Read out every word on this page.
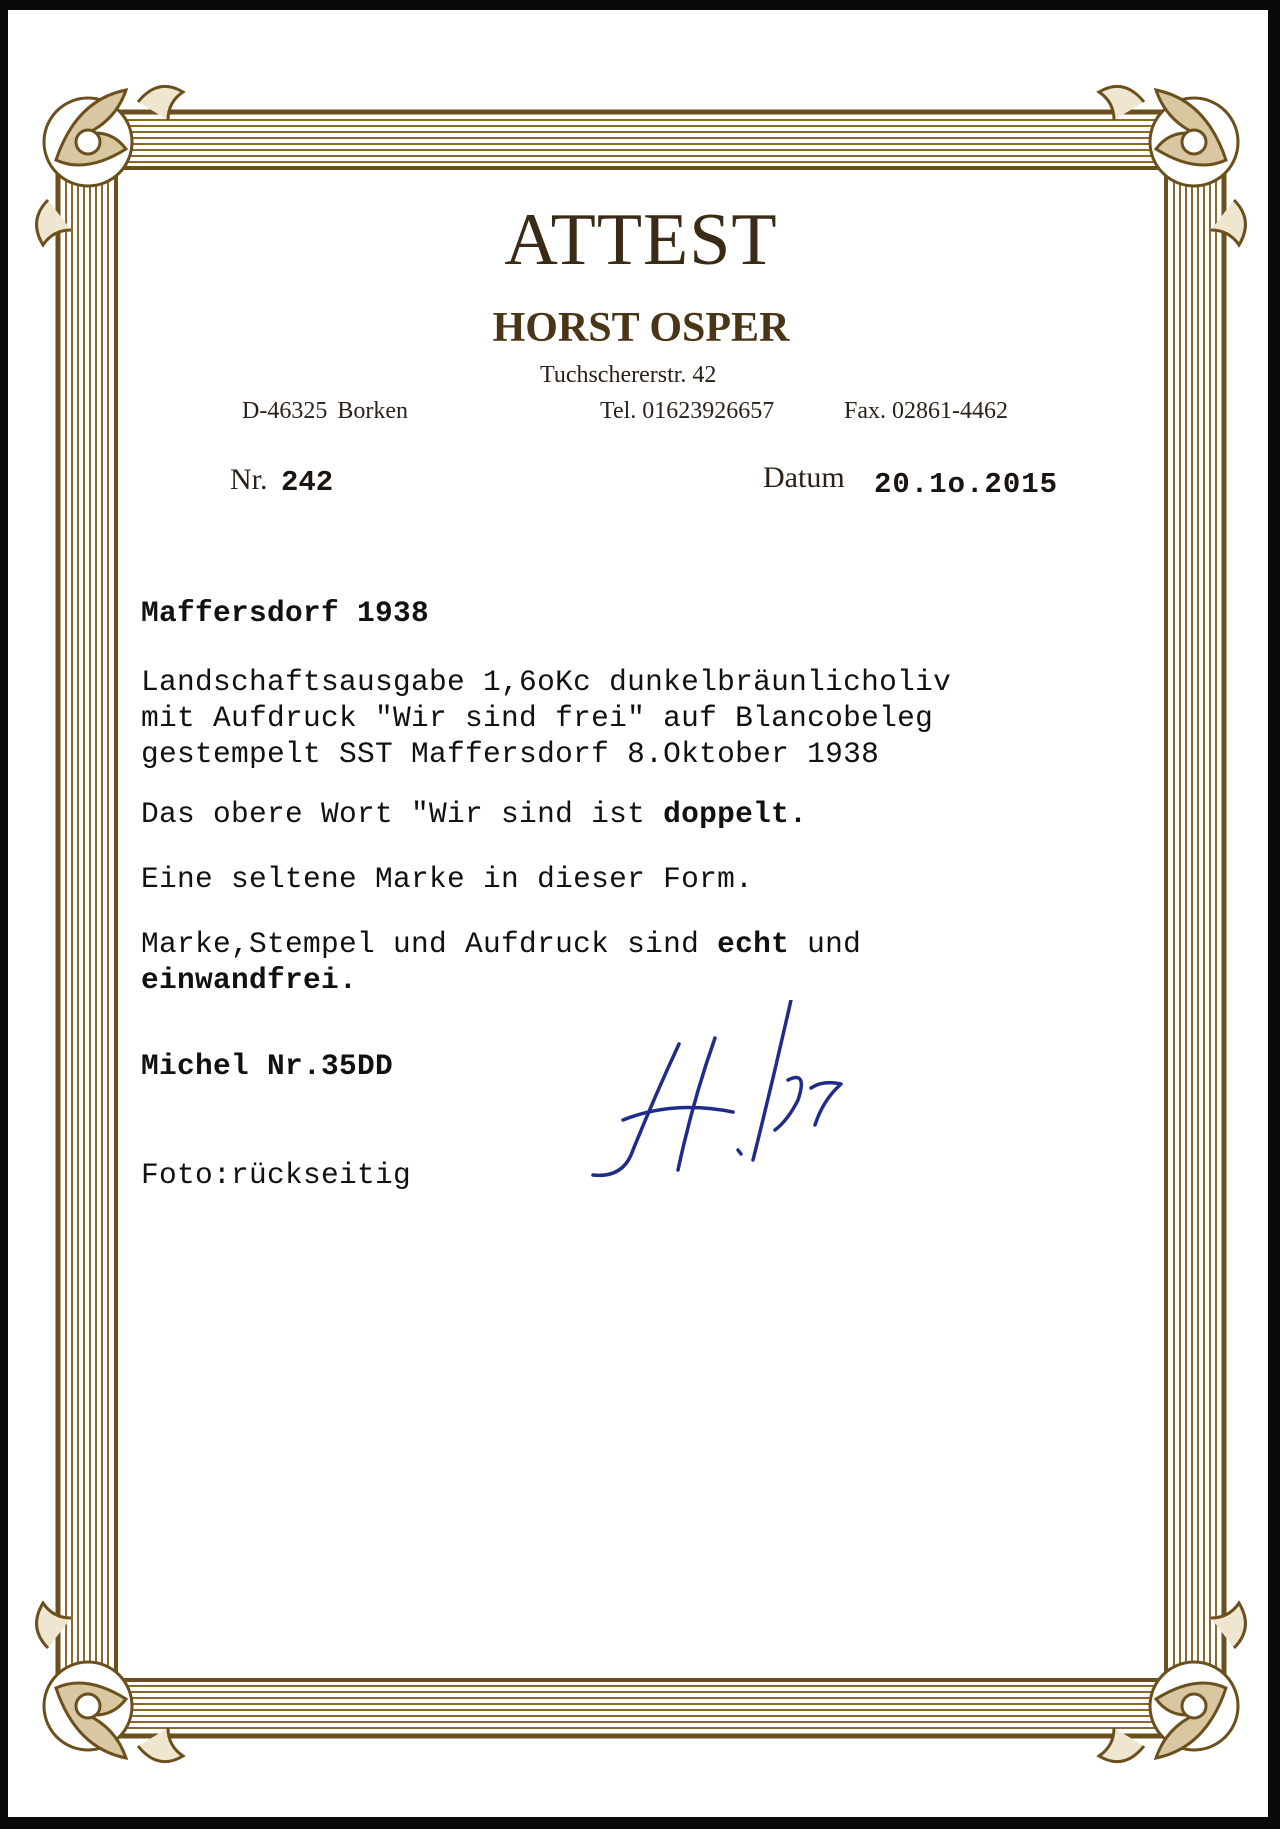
ATTEST
HORST OSPER
Tuchschererstr. 42
D-46325 Borken	Tel. 01623926657	Fax. 02861-4462
Nr. 242	Datum 20.1o.2015
Maffersdorf 1938
Landschaftsausgabe 1,6oKc dunkelbräunlicholiv
mit Aufdruck "Wir sind frei" auf Blancobeleg
gestempelt SST Maffersdorf 8.Oktober 1938
Das obere Wort "Wir sind ist doppelt.
Eine seltene Marke in dieser Form.
Marke,Stempel und Aufdruck sind echt und
einwandfrei.
Michel Nr.35DD
Foto:rückseitig
